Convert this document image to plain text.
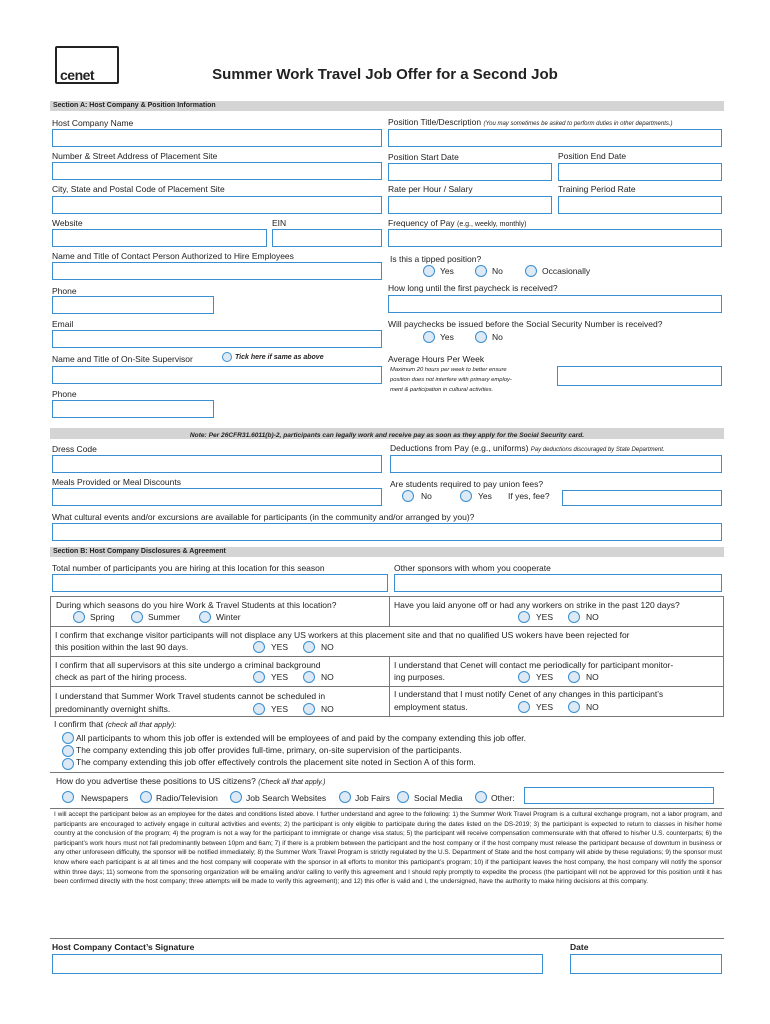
cenet	Summer Work Travel Job Offer for a Second Job
Section A: Host Company & Position Information
Host Company Name	Position Title/Description (You may sometimes be asked to perform duties in other departments.)
Number & Street Address of Placement Site	Position Start Date	Position End Date
City, State and Postal Code of Placement Site	Rate per Hour / Salary	Training Period Rate
Website	EIN	Frequency of Pay (e.g., weekly, monthly)
Name and Title of Contact Person Authorized to Hire Employees	Is this a tipped position?
Yes	No	Occasionally
Phone	How long until the first paycheck is received?
Email	Will paychecks be issued before the Social Security Number is received?
Yes	No
Name and Title of On-Site Supervisor	Tick here if same as above	Average Hours Per Week
Maximum 20 hours per week to better ensure
position does not interfere with primary employ-
ment & participation in cultural activities.
Phone
Note: Per 26CFR31.6011(b)-2, participants can legally work and receive pay as soon as they apply for the Social Security card.
Dress Code	Deductions from Pay (e.g., uniforms) Pay deductions discouraged by State Department.
Meals Provided or Meal Discounts	Are students required to pay union fees?
No	Yes If yes, fee?
What cultural events and/or excursions are available for participants (in the community and/or arranged by you)?
Section B: Host Company Disclosures & Agreement
Total number of participants you are hiring at this location for this season	Other sponsors with whom you cooperate
During which seasons do you hire Work & Travel Students at this location?
Spring	Summer	Winter
Have you laid anyone off or had any workers on strike in the past 120 days?
YES	NO
I confirm that exchange visitor participants will not displace any US workers at this placement site and that no qualified US wokers have been rejected for
this position within the last 90 days.	YES	NO
I confirm that all supervisors at this site undergo a criminal background
check as part of the hiring process.	YES	NO
I understand that Cenet will contact me periodically for participant monitor-
ing purposes.	YES	NO
I understand that Summer Work Travel students cannot be scheduled in
predominantly overnight shifts.	YES	NO
I understand that I must notify Cenet of any changes in this participant’s
employment status.	YES	NO
I confirm that (check all that apply):
All participants to whom this job offer is extended will be employees of and paid by the company extending this job offer.
The company extending this job offer provides full-time, primary, on-site supervision of the participants.
The company extending this job offer effectively controls the placement site noted in Section A of this form.
How do you advertise these positions to US citizens? (Check all that apply.)
Newspapers	Radio/Television	Job Search Websites	Job Fairs	Social Media	Other:
I will accept the participant below as an employee for the dates and conditions listed above. I further understand and agree to the following: 1) the Summer Work Travel Program is a cultural exchange program, not a labor program, and participants are encouraged to actively engage in cultural activities and events; 2) the participant is only eligible to participate during the dates listed on the DS-2019; 3) the participant is expected to return to classes in his/her home country at the conclusion of the program; 4) the program is not a way for the participant to immigrate or change visa status; 5) the participant will receive compensation commensurate with that offered to his/her U.S. counterparts; 6) the participant’s work hours must not fall predominantly between 10pm and 6am; 7) if there is a problem between the participant and the host company or if the host company must release the participant because of downturn in business or any other unforeseen difficulty, the sponsor will be notified immediately; 8) the Summer Work Travel Program is strictly regulated by the U.S. Department of State and the host company will abide by these regulations; 9) the sponsor must know where each participant is at all times and the host company will cooperate with the sponsor in all efforts to monitor this participant’s program; 10) if the participant leaves the host company, the host company will notify the sponsor within three days; 11) someone from the sponsoring organization will be emailing and/or calling to verify this agreement and I should reply promptly to expedite the process (the participant will not be approved for this position until it has been confirmed directly with the host company; three attempts will be made to verify this agreement); and 12) this offer is valid and I, the undersigned, have the authority to make hiring decisions at this company.
Host Company Contact’s Signature	Date
